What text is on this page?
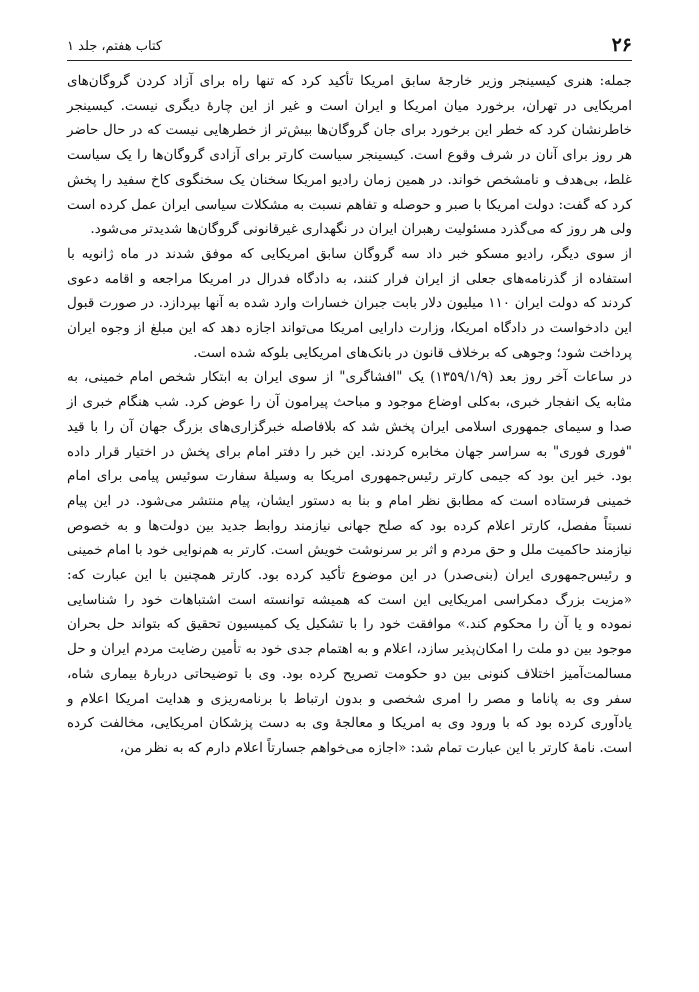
۲۶
کتاب هفتم، جلد ۱

جمله: هنری کیسینجر وزیر خارجهٔ سابق امریکا تأکید کرد که تنها راه برای آزاد کردن گروگان‌های امریکایی در تهران، برخورد میان امریکا و ایران است و غیر از این چارهٔ دیگری نیست. کیسینجر خاطرنشان کرد که خطر این برخورد برای جان گروگان‌ها بیش‌تر از خطرهایی نیست که در حال حاضر هر روز برای آنان در شرف وقوع است. کیسینجر سیاست کارتر برای آزادی گروگان‌ها را یک سیاست غلط، بی‌هدف و نامشخص خواند. در همین زمان رادیو امریکا سخنان یک سخنگوی کاخ سفید را پخش کرد که گفت: دولت امریکا با صبر و حوصله و تفاهم نسبت به مشکلات سیاسی ایران عمل کرده است ولی هر روز که می‌گذرد مسئولیت رهبران ایران در نگهداری غیرقانونی گروگان‌ها شدیدتر می‌شود.

از سوی دیگر، رادیو مسکو خبر داد سه گروگان سابق امریکایی که موفق شدند در ماه ژانویه با استفاده از گذرنامه‌های جعلی از ایران فرار کنند، به دادگاه فدرال در امریکا مراجعه و اقامه دعوی کردند که دولت ایران ۱۱۰ میلیون دلار بابت جبران خسارات وارد شده به آنها بپردازد. در صورت قبول این دادخواست در دادگاه امریکا، وزارت دارایی امریکا می‌تواند اجازه دهد که این مبلغ از وجوه ایران پرداخت شود؛ وجوهی که برخلاف قانون در بانک‌های امریکایی بلوکه شده است.

در ساعات آخر روز بعد (۱۳۵۹/۱/۹) یک "افشاگری" از سوی ایران به ابتکار شخص امام خمینی، به مثابه یک انفجار خبری، به‌کلی اوضاع موجود و مباحث پیرامون آن را عوض کرد. شب هنگام خبری از صدا و سیمای جمهوری اسلامی ایران پخش شد که بلافاصله خبرگزاری‌های بزرگ جهان آن را با قید "فوری فوری" به سراسر جهان مخابره کردند. این خبر را دفتر امام برای پخش در اختیار قرار داده بود. خبر این بود که جیمی کارتر رئیس‌جمهوری امریکا به وسیلهٔ سفارت سوئیس پیامی برای امام خمینی فرستاده است که مطابق نظر امام و بنا به دستور ایشان، پیام منتشر می‌شود. در این پیام نسبتاً مفصل، کارتر اعلام کرده بود که صلح جهانی نیازمند روابط جدید بین دولت‌ها و به خصوص نیازمند حاکمیت ملل و حق مردم و اثر بر سرنوشت خویش است. کارتر به هم‌نوایی خود با امام خمینی و رئیس‌جمهوری ایران (بنی‌صدر) در این موضوع تأکید کرده بود. کارتر همچنین با این عبارت که: «مزیت بزرگ دمکراسی امریکایی این است که همیشه توانسته است اشتباهات خود را شناسایی نموده و یا آن را محکوم کند.» موافقت خود را با تشکیل یک کمیسیون تحقیق که بتواند حل بحران موجود بین دو ملت را امکان‌پذیر سازد، اعلام و به اهتمام جدی خود به تأمین رضایت مردم ایران و حل مسالمت‌آمیز اختلاف کنونی بین دو حکومت تصریح کرده بود. وی با توضیحاتی دربارهٔ بیماری شاه، سفر وی به پاناما و مصر را امری شخصی و بدون ارتباط با برنامه‌ریزی و هدایت امریکا اعلام و یادآوری کرده بود که با ورود وی به امریکا و معالجهٔ وی به دست پزشکان امریکایی، مخالفت کرده است. نامهٔ کارتر با این عبارت تمام شد: «اجازه می‌خواهم جسارتاً اعلام دارم که به نظر من،
